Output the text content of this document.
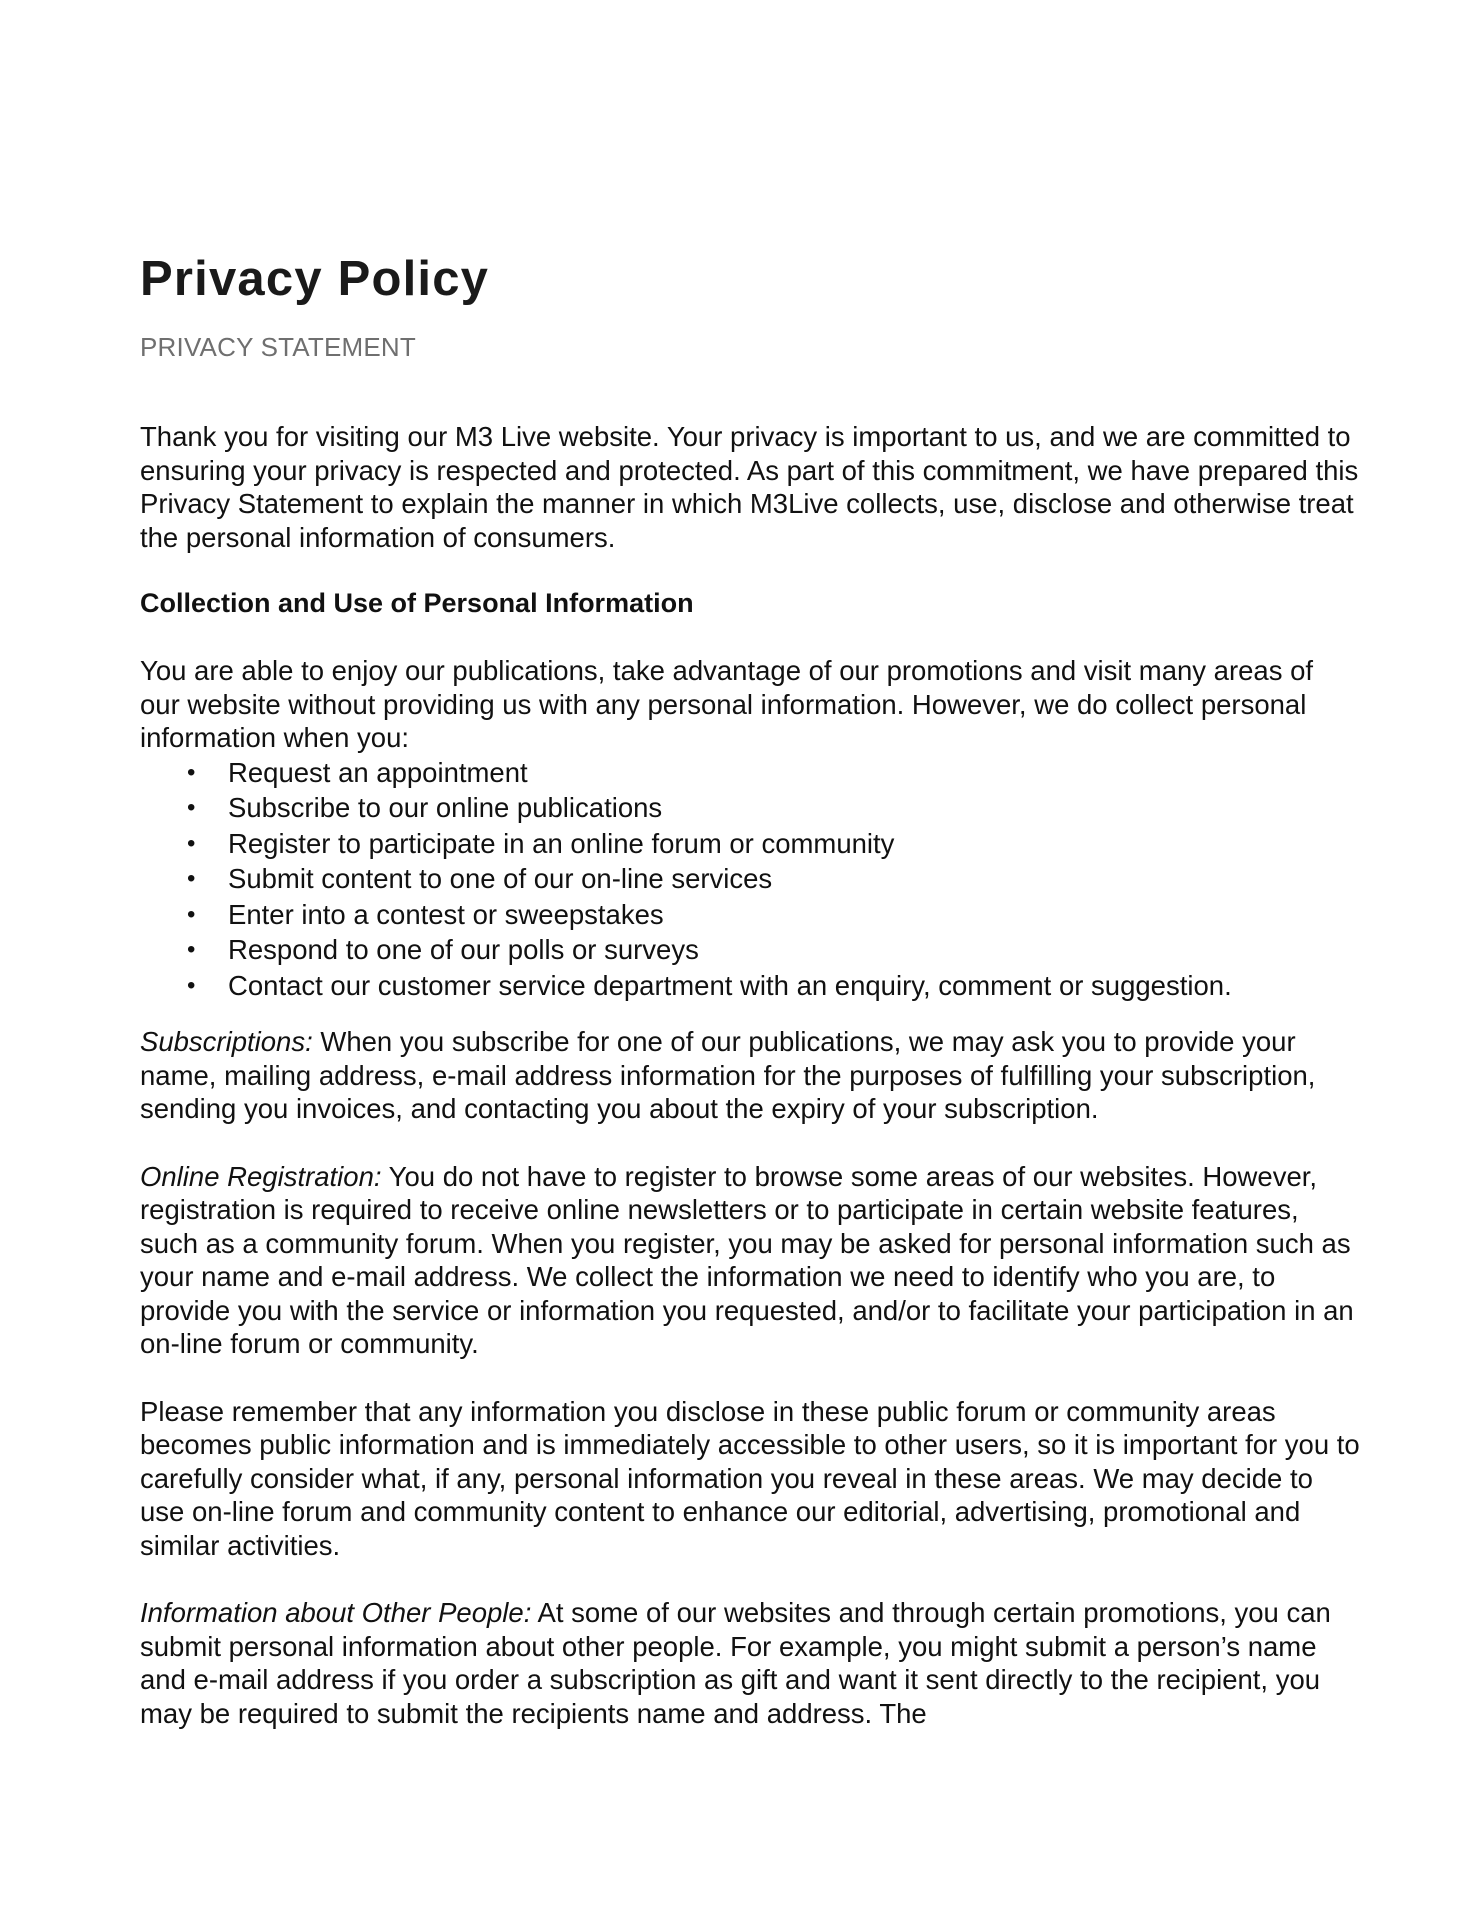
Privacy Policy
PRIVACY STATEMENT

Thank you for visiting our M3 Live website. Your privacy is important to us, and we are committed to ensuring your privacy is respected and protected. As part of this commitment, we have prepared this Privacy Statement to explain the manner in which M3Live collects, use, disclose and otherwise treat the personal information of consumers.

Collection and Use of Personal Information

You are able to enjoy our publications, take advantage of our promotions and visit many areas of our website without providing us with any personal information. However, we do collect personal information when you:

• Request an appointment
• Subscribe to our online publications
• Register to participate in an online forum or community
• Submit content to one of our on-line services
• Enter into a contest or sweepstakes
• Respond to one of our polls or surveys
• Contact our customer service department with an enquiry, comment or suggestion.

Subscriptions: When you subscribe for one of our publications, we may ask you to provide your name, mailing address, e-mail address information for the purposes of fulfilling your subscription, sending you invoices, and contacting you about the expiry of your subscription.

Online Registration: You do not have to register to browse some areas of our websites. However, registration is required to receive online newsletters or to participate in certain website features, such as a community forum. When you register, you may be asked for personal information such as your name and e-mail address. We collect the information we need to identify who you are, to provide you with the service or information you requested, and/or to facilitate your participation in an on-line forum or community.

Please remember that any information you disclose in these public forum or community areas becomes public information and is immediately accessible to other users, so it is important for you to carefully consider what, if any, personal information you reveal in these areas. We may decide to use on-line forum and community content to enhance our editorial, advertising, promotional and similar activities.

Information about Other People: At some of our websites and through certain promotions, you can submit personal information about other people. For example, you might submit a person’s name and e-mail address if you order a subscription as gift and want it sent directly to the recipient, you may be required to submit the recipients name and address. The
